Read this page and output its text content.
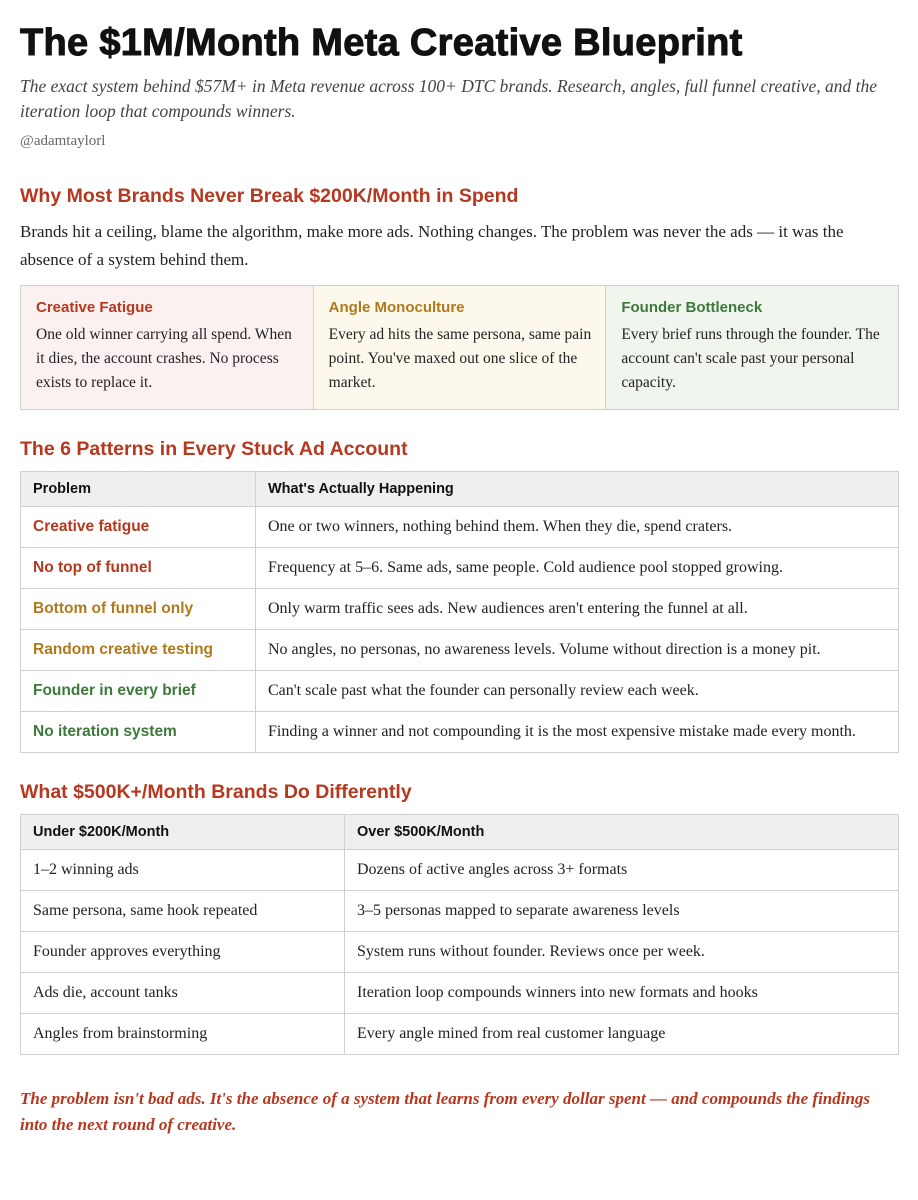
The $1M/Month Meta Creative Blueprint

The exact system behind $57M+ in Meta revenue across 100+ DTC brands. Research, angles, full funnel creative, and the iteration loop that compounds winners.

@adamtaylorl

Why Most Brands Never Break $200K/Month in Spend

Brands hit a ceiling, blame the algorithm, make more ads. Nothing changes. The problem was never the ads — it was the absence of a system behind them.

Creative Fatigue
One old winner carrying all spend. When it dies, the account crashes. No process exists to replace it.
Angle Monoculture
Every ad hits the same persona, same pain point. You've maxed out one slice of the market.
Founder Bottleneck
Every brief runs through the founder. The account can't scale past your personal capacity.
The 6 Patterns in Every Stuck Ad Account
Problem	What's Actually Happening
Creative fatigue	One or two winners, nothing behind them. When they die, spend craters.
No top of funnel	Frequency at 5–6. Same ads, same people. Cold audience pool stopped growing.
Bottom of funnel only	Only warm traffic sees ads. New audiences aren't entering the funnel at all.
Random creative testing	No angles, no personas, no awareness levels. Volume without direction is a money pit.
Founder in every brief	Can't scale past what the founder can personally review each week.
No iteration system	Finding a winner and not compounding it is the most expensive mistake made every month.
What $500K+/Month Brands Do Differently
Under $200K/Month	Over $500K/Month
1–2 winning ads	Dozens of active angles across 3+ formats
Same persona, same hook repeated	3–5 personas mapped to separate awareness levels
Founder approves everything	System runs without founder. Reviews once per week.
Ads die, account tanks	Iteration loop compounds winners into new formats and hooks
Angles from brainstorming	Every angle mined from real customer language

The problem isn't bad ads. It's the absence of a system that learns from every dollar spent — and compounds the findings into the next round of creative.
